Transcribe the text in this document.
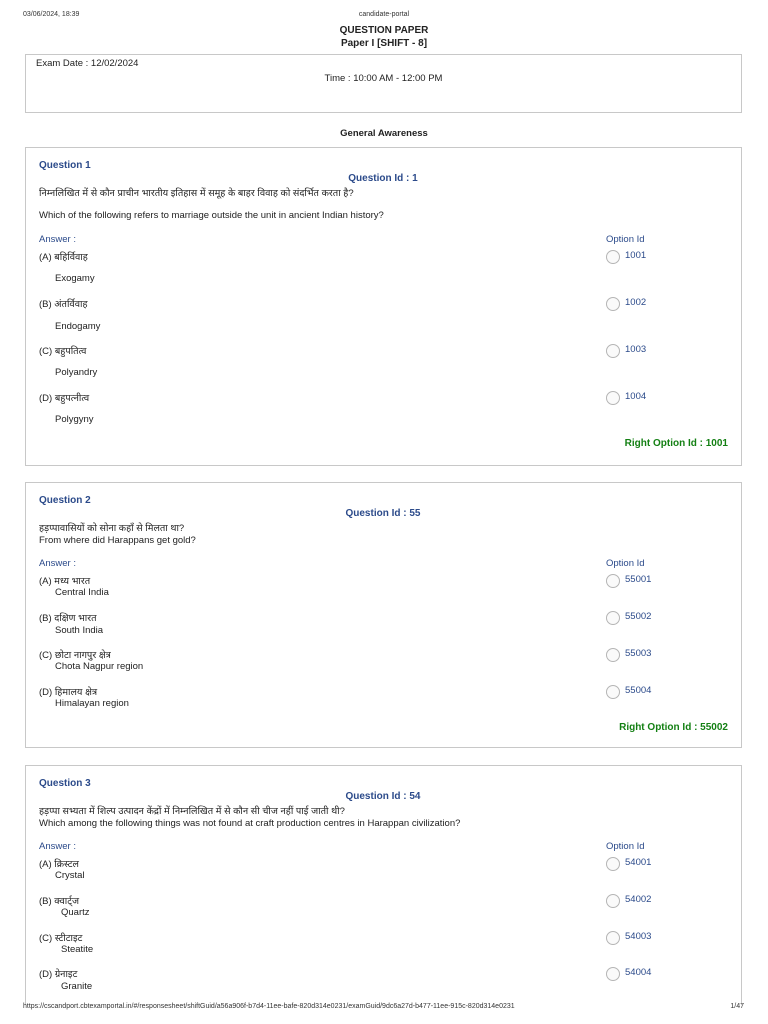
03/06/2024, 18:39	candidate-portal
QUESTION PAPER
Paper I [SHIFT - 8]
Exam Date : 12/02/2024
Time : 10:00 AM - 12:00 PM
General Awareness
Question 1
Question Id : 1
निम्नलिखित में से कौन प्राचीन भारतीय इतिहास में समूह के बाहर विवाह को संदर्भित करता है?
Which of the following refers to marriage outside the unit in ancient Indian history?
Answer :	Option Id
(A) बहिर्विवाह
Exogamy
1001
(B) अंतर्विवाह
Endogamy
1002
(C) बहुपतित्व
Polyandry
1003
(D) बहुपत्नीत्व
Polygyny
1004
Right Option Id : 1001
Question 2
Question Id : 55
हड़प्पावासियों को सोना कहाँ से मिलता था?
From where did Harappans get gold?
Answer :	Option Id
(A) मध्य भारत
Central India
55001
(B) दक्षिण भारत
South India
55002
(C) छोटा नागपुर क्षेत्र
Chota Nagpur region
55003
(D) हिमालय क्षेत्र
Himalayan region
55004
Right Option Id : 55002
Question 3
Question Id : 54
हड़प्पा सभ्यता में शिल्प उत्पादन केंद्रों में निम्नलिखित में से कौन सी चीज नहीं पाई जाती थी?
Which among the following things was not found at craft production centres in Harappan civilization?
Answer :	Option Id
(A) क्रिस्टल
Crystal
54001
(B) क्वार्ट्ज
Quartz
54002
(C) स्टीटाइट
Steatite
54003
(D) ग्रेनाइट
Granite
54004
https://cscandport.cbtexamportal.in/#/responsesheet/shiftGuid/a56a906f-b7d4-11ee-bafe-820d314e0231/examGuid/9dc6a27d-b477-11ee-915c-820d314e0231	1/47
